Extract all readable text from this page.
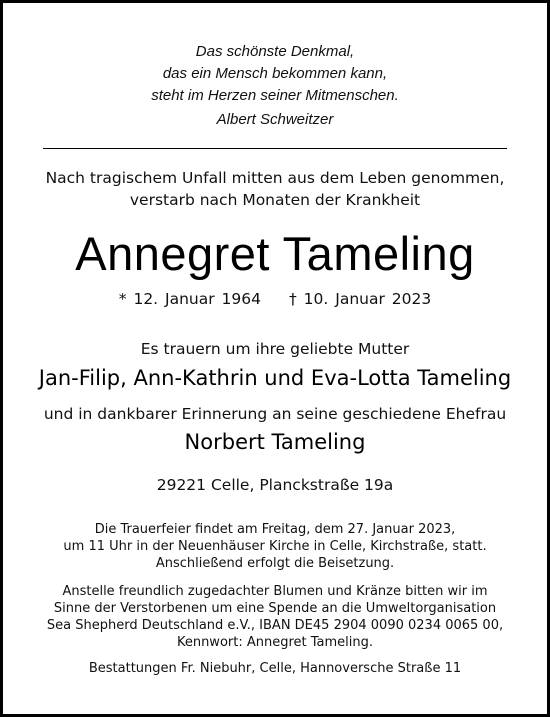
Das schönste Denkmal,
das ein Mensch bekommen kann,
steht im Herzen seiner Mitmenschen.
Albert Schweitzer
Nach tragischem Unfall mitten aus dem Leben genommen,
verstarb nach Monaten der Krankheit
Annegret Tameling
* 12. Januar 1964 † 10. Januar 2023
Es trauern um ihre geliebte Mutter
Jan-Filip, Ann-Kathrin und Eva-Lotta Tameling
und in dankbarer Erinnerung an seine geschiedene Ehefrau
Norbert Tameling
29221 Celle, Planckstraße 19a
Die Trauerfeier findet am Freitag, dem 27. Januar 2023,
um 11 Uhr in der Neuenhäuser Kirche in Celle, Kirchstraße, statt.
Anschließend erfolgt die Beisetzung.
Anstelle freundlich zugedachter Blumen und Kränze bitten wir im
Sinne der Verstorbenen um eine Spende an die Umweltorganisation
Sea Shepherd Deutschland e.V., IBAN DE45 2904 0090 0234 0065 00,
Kennwort: Annegret Tameling.
Bestattungen Fr. Niebuhr, Celle, Hannoversche Straße 11
